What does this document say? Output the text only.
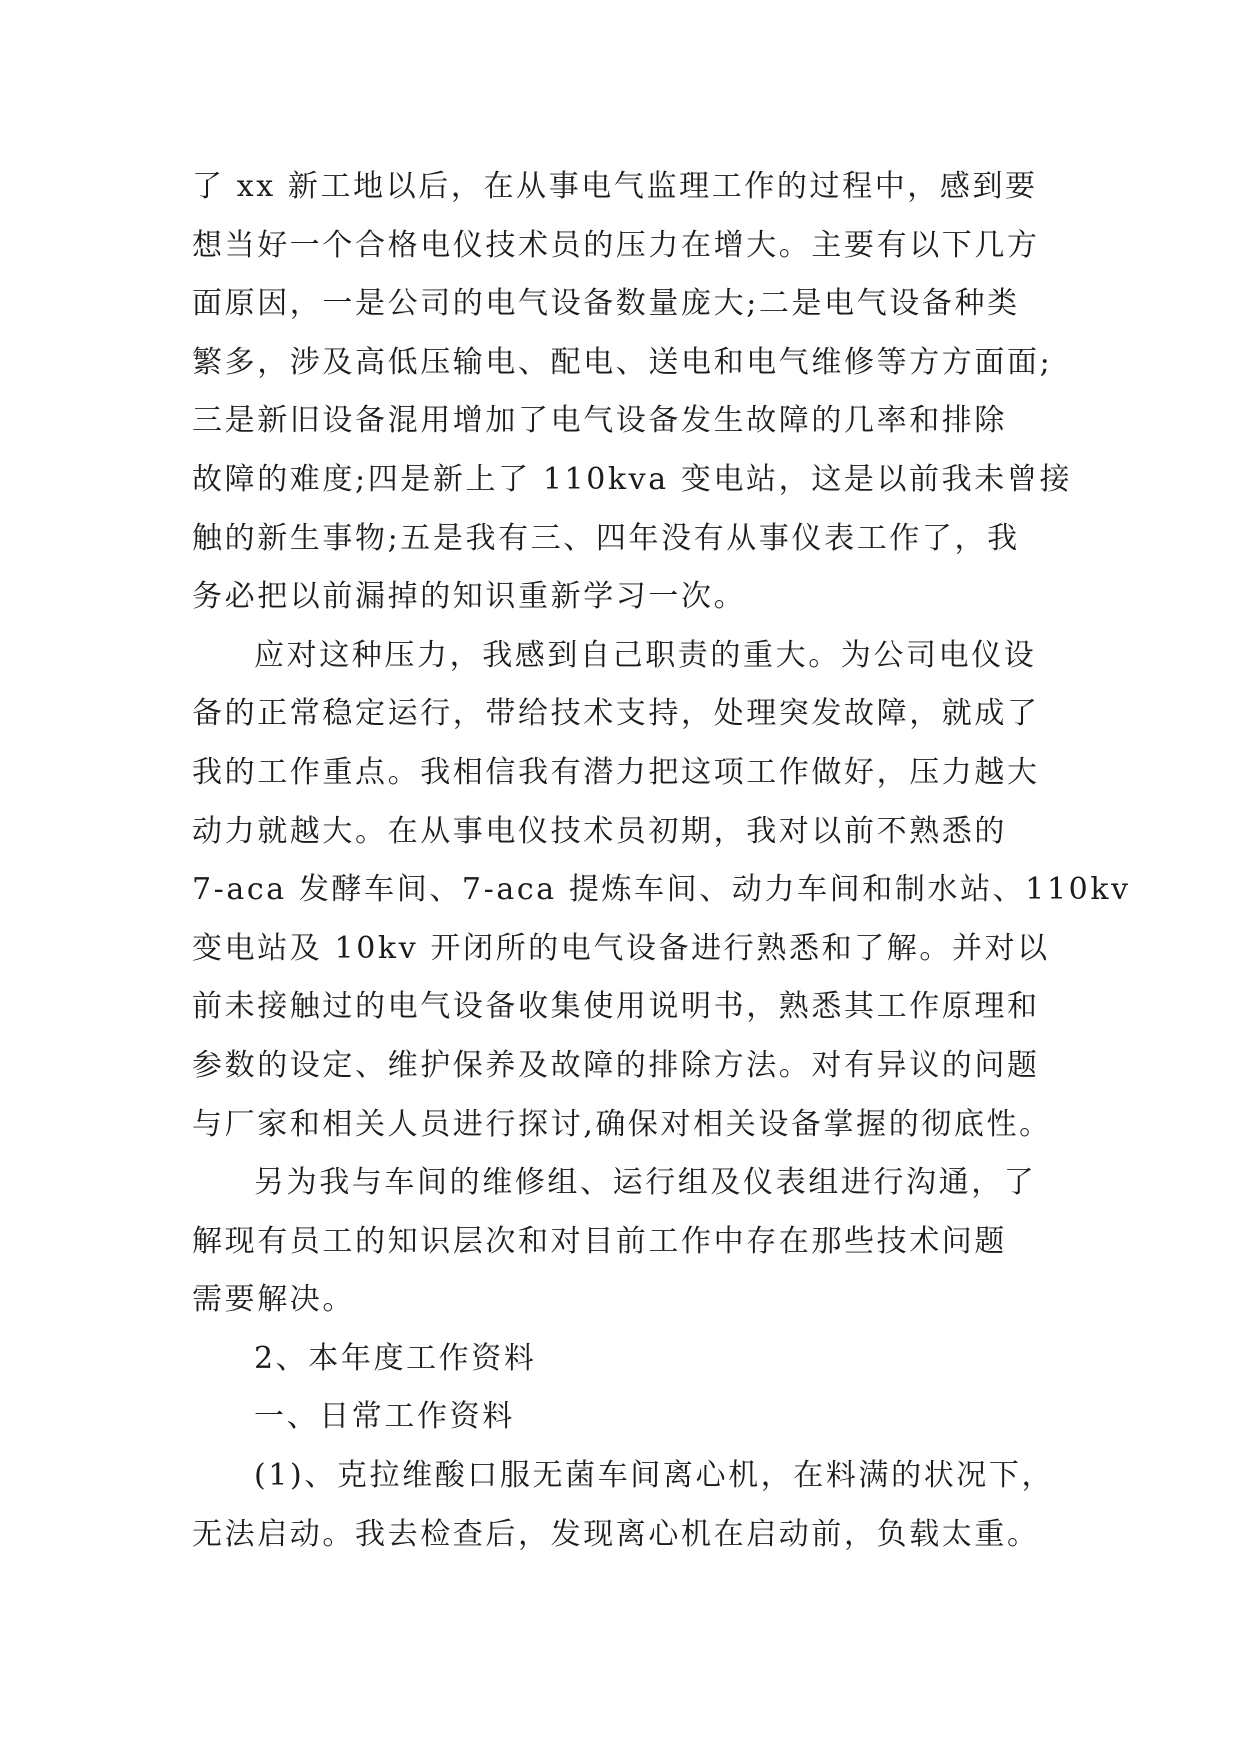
了 xx 新工地以后，在从事电气监理工作的过程中，感到要
想当好一个合格电仪技术员的压力在增大。主要有以下几方
面原因，一是公司的电气设备数量庞大;二是电气设备种类
繁多，涉及高低压输电、配电、送电和电气维修等方方面面;
三是新旧设备混用增加了电气设备发生故障的几率和排除
故障的难度;四是新上了 110kva 变电站，这是以前我未曾接
触的新生事物;五是我有三、四年没有从事仪表工作了，我
务必把以前漏掉的知识重新学习一次。
应对这种压力，我感到自己职责的重大。为公司电仪设
备的正常稳定运行，带给技术支持，处理突发故障，就成了
我的工作重点。我相信我有潜力把这项工作做好，压力越大
动力就越大。在从事电仪技术员初期，我对以前不熟悉的
7-aca 发酵车间、7-aca 提炼车间、动力车间和制水站、110kv
变电站及 10kv 开闭所的电气设备进行熟悉和了解。并对以
前未接触过的电气设备收集使用说明书，熟悉其工作原理和
参数的设定、维护保养及故障的排除方法。对有异议的问题
与厂家和相关人员进行探讨,确保对相关设备掌握的彻底性。
另为我与车间的维修组、运行组及仪表组进行沟通，了
解现有员工的知识层次和对目前工作中存在那些技术问题
需要解决。
2、本年度工作资料
一、日常工作资料
(1)、克拉维酸口服无菌车间离心机，在料满的状况下，
无法启动。我去检查后，发现离心机在启动前，负载太重。
